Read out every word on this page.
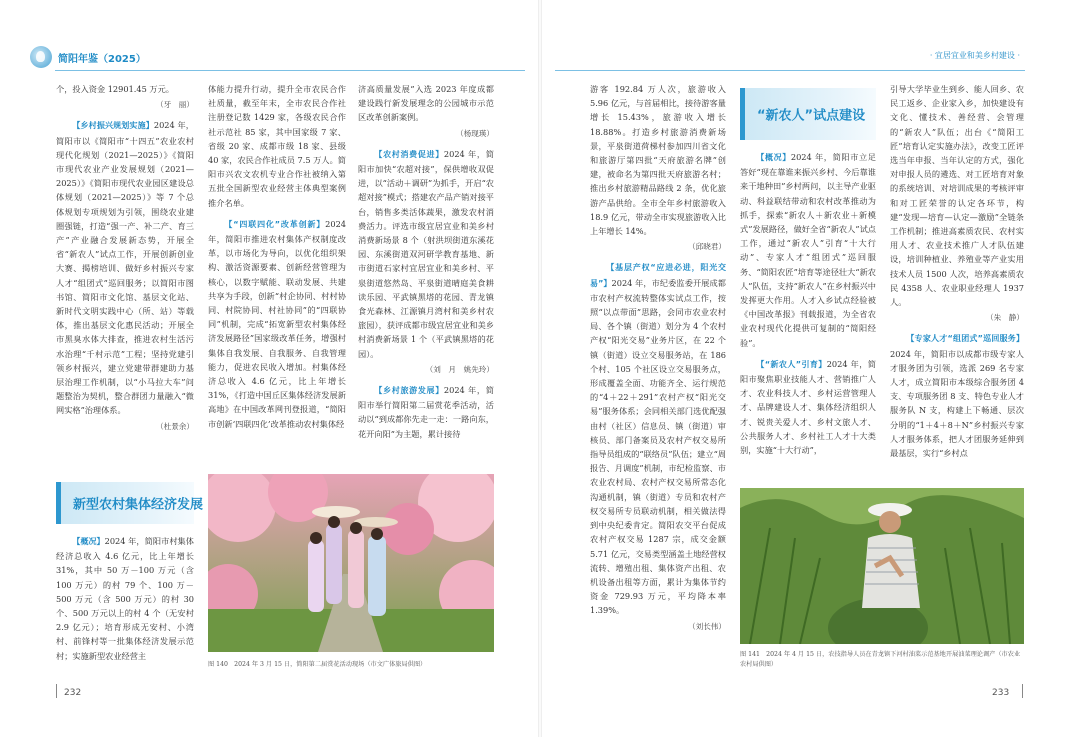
简阳年鉴（2025）	· 宜居宜业和美乡村建设 ·

个，投入资金 12901.45 万元。

（牙　丽）

【乡村振兴规划实施】2024 年，简阳市以《简阳市“十四五”农业农村现代化规划（2021—2025）》《简阳市现代农业产业发展规划（2021—2025）》《简阳市现代农业园区建设总体规划（2021—2025）》等 7 个总体规划专项规划为引领，围绕农业建圈强链，打造“强一产、补二产、育三产”产业融合发展新态势，开展全省“新农人”试点工作，开展创新创业大赛、揭榜培训、做好乡村振兴专家人才“组团式”巡回服务；以简阳市图书馆、简阳市文化馆、基层文化站、新时代文明实践中心（所、站）等载体，推出基层文化惠民活动；开展全市黑臭水体大排查，推进农村生活污水治理“千村示范”工程；坚持党建引领乡村振兴，建立党建带群建助力基层治理工作机制，以“小马拉大车”问题整治为契机，整合群团力量融入“微网实格”治理体系。

（杜景余）
新型农村集体经济发展

【概况】2024 年，简阳市村集体经济总收入 4.6 亿元，比上年增长 31%，其中 50 万－100 万元（含 100 万元）的村 79 个、100 万－500 万元（含 500 万元）的村 30 个、500 万元以上的村 4 个（无安村 2.9 亿元）；培育形成无安村、小湾村、前锋村等一批集体经济发展示范村；实施新型农业经营主

体能力提升行动，提升全市农民合作社质量，截至年末，全市农民合作社注册登记数 1429 家，各级农民合作社示范社 85 家，其中国家级 7 家、省级 20 家、成都市级 18 家、县级 40 家，农民合作社成员 7.5 万人。简阳市兴农文农机专业合作社被纳入第五批全国新型农业经营主体典型案例推介名单。

【“四联四化”改革创新】2024 年，简阳市推进农村集体产权制度改革，以市场化为导向，以优化组织架构、激活资源要素、创新经营管理为核心，以数字赋能、联动发展、共建共享为手段，创新“村企协同、村村协同、村院协同、村社协同”的“四联协同”机制，完成“拓宽新型农村集体经济发展路径”国家级改革任务，增强村集体自我发展、自我服务、自我管理能力，促进农民收入增加。村集体经济总收入 4.6 亿元，比上年增长 31%，《打造中国丘区集体经济发展新高地》在中国改革网刊登报道，“简阳市创新‘四联四化’改革推动农村集体经

济高质量发展”入选 2023 年度成都建设践行新发展理念的公园城市示范区改革创新案例。

（杨现瑛）

【农村消费促进】2024 年，简阳市加快“农超对接”，保供增收双促进，以“活动＋调研”为抓手，开启“农超对接”模式；搭建农产品产销对接平台，销售多类活体蔬果，激发农村消费活力。评选市级宜居宜业和美乡村消费新场景 8 个（射洪坝街道东溪花园、东溪街道双河研学教育基地、新市街道石家村宜居宜业和美乡村、平泉街道悠然岛、平泉街道晴庭美食耕读乐园、平武镇黑塔的花园、青龙镇食光森林、江源镇月湾村和美乡村农旅园），获评成都市级宜居宜业和美乡村消费新场景 1 个（平武镇黑塔的花园）。

（刘　月　姚先玲）

【乡村旅游发展】2024 年，简阳市举行简阳第二届赏花季活动，活动以“到成都你先走一走：一路向东，花开向阳”为主题，累计接待

图 140　2024 年 3 月 15 日，简阳第二届赏花活动现场（市文广体旅局供图）

游客 192.84 万人次，旅游收入 5.96 亿元，与首届相比，接待游客量增长 15.43%，旅游收入增长 18.88%。打造乡村旅游消费新场景，平泉街道荷梯村参加四川省文化和旅游厅第四批“天府旅游名牌”创建，被命名为第四批天府旅游名村；推出乡村旅游精品路线 2 条，优化旅游产品供给。全市全年乡村旅游收入 18.9 亿元，带动全市实现旅游收入比上年增长 14%。

（邱晓君）

【基层产权“应进必进，阳光交易”】2024 年，市纪委监委开展成都市农村产权流转整体实试点工作，按照“以点带面”思路，会同市农业农村局、各个镇（街道）划分为 4 个农村产权“阳光交易”业务片区，在 22 个镇（街道）设立交易服务站，在 186 个村、105 个社区设立交易服务点，形成覆盖全面、功能齐全、运行规范的“4＋22＋291”农村产权“阳光交易”服务体系；会同相关部门选优配强由村（社区）信息员、镇（街道）审核员、部门备案员及农村产权交易所指导员组成的“联络员”队伍；建立“周报告、月调度”机制，市纪检监察、市农业农村局、农村产权交易所常态化沟通机制，镇（街道）专员和农村产权交易所专员联动机制，相关做法得到中央纪委肯定。简阳农交平台促成农村产权交易 1287 宗，成交金额 5.71 亿元，交易类型涵盖土地经营权流转、增殖出租、集体资产出租、农机设备出租等方面，累计为集体节约资金 729.93 万元，平均降本率 1.39%。

（刘长伟）
“新农人”试点建设

【概况】2024 年，简阳市立足答好“现在靠谁来振兴乡村、今后靠谁来干地种田”乡村两问，以主导产业驱动、科益联结带动和农村改革推动为抓手，探索“新农人＋新农业＋新模式”发展路径，做好全省“新农人”试点工作，通过“新农人”引育“十大行动”、专家人才“组团式”巡回服务、“简阳农匠”培育等途径壮大“新农人”队伍，支持“新农人”在乡村振兴中发挥更大作用。人才入乡试点经验被《中国改革报》刊载报道，为全省农业农村现代化提供可复制的“简阳经验”。

【“新农人”引育】2024 年，简阳市聚焦职业技能人才、营销推广人才、农业科技人才、乡村运营管理人才、品牌建设人才、集体经济组织人才、锐贵关爱人才、乡村文旅人才、公共服务人才、乡村社工人才十大类别，实施“十大行动”，

引导大学毕业生到乡、能人回乡、农民工返乡、企业家入乡，加快建设有文化、懂技术、善经营、会管理的“新农人”队伍；出台《“简阳工匠”培育认定实施办法》，改变工匠评选当年申报、当年认定的方式，强化对申报人员的遴选、对工匠培育对象的系统培训、对培训成果的考核评审和对工匠荣誉的认定各环节，构建“发现—培育—认定—激励”全链条工作机制；推进高素质农民、农村实用人才、农业技术推广人才队伍建设，培训种植业、养殖业等产业实用技术人员 1500 人次，培养高素质农民 4358 人、农业职业经理人 1937 人。

（朱　静）

【专家人才“组团式”巡回服务】2024 年，简阳市以成都市级专家人才服务团为引领，选派 269 名专家人才，成立简阳市本级综合服务团 4 支、专项服务团 8 支、特色专业人才服务队 N 支，构建上下畅通、层次分明的“1＋4＋8＋N”乡村振兴专家人才服务体系，把人才团服务延伸到最基层，实行“乡村点

图 141　2024 年 4 月 15 日，农技指导人员在青龙镇下河村油菜示范基地开展油菜理论调产（市农业农村局供图）
232	233
